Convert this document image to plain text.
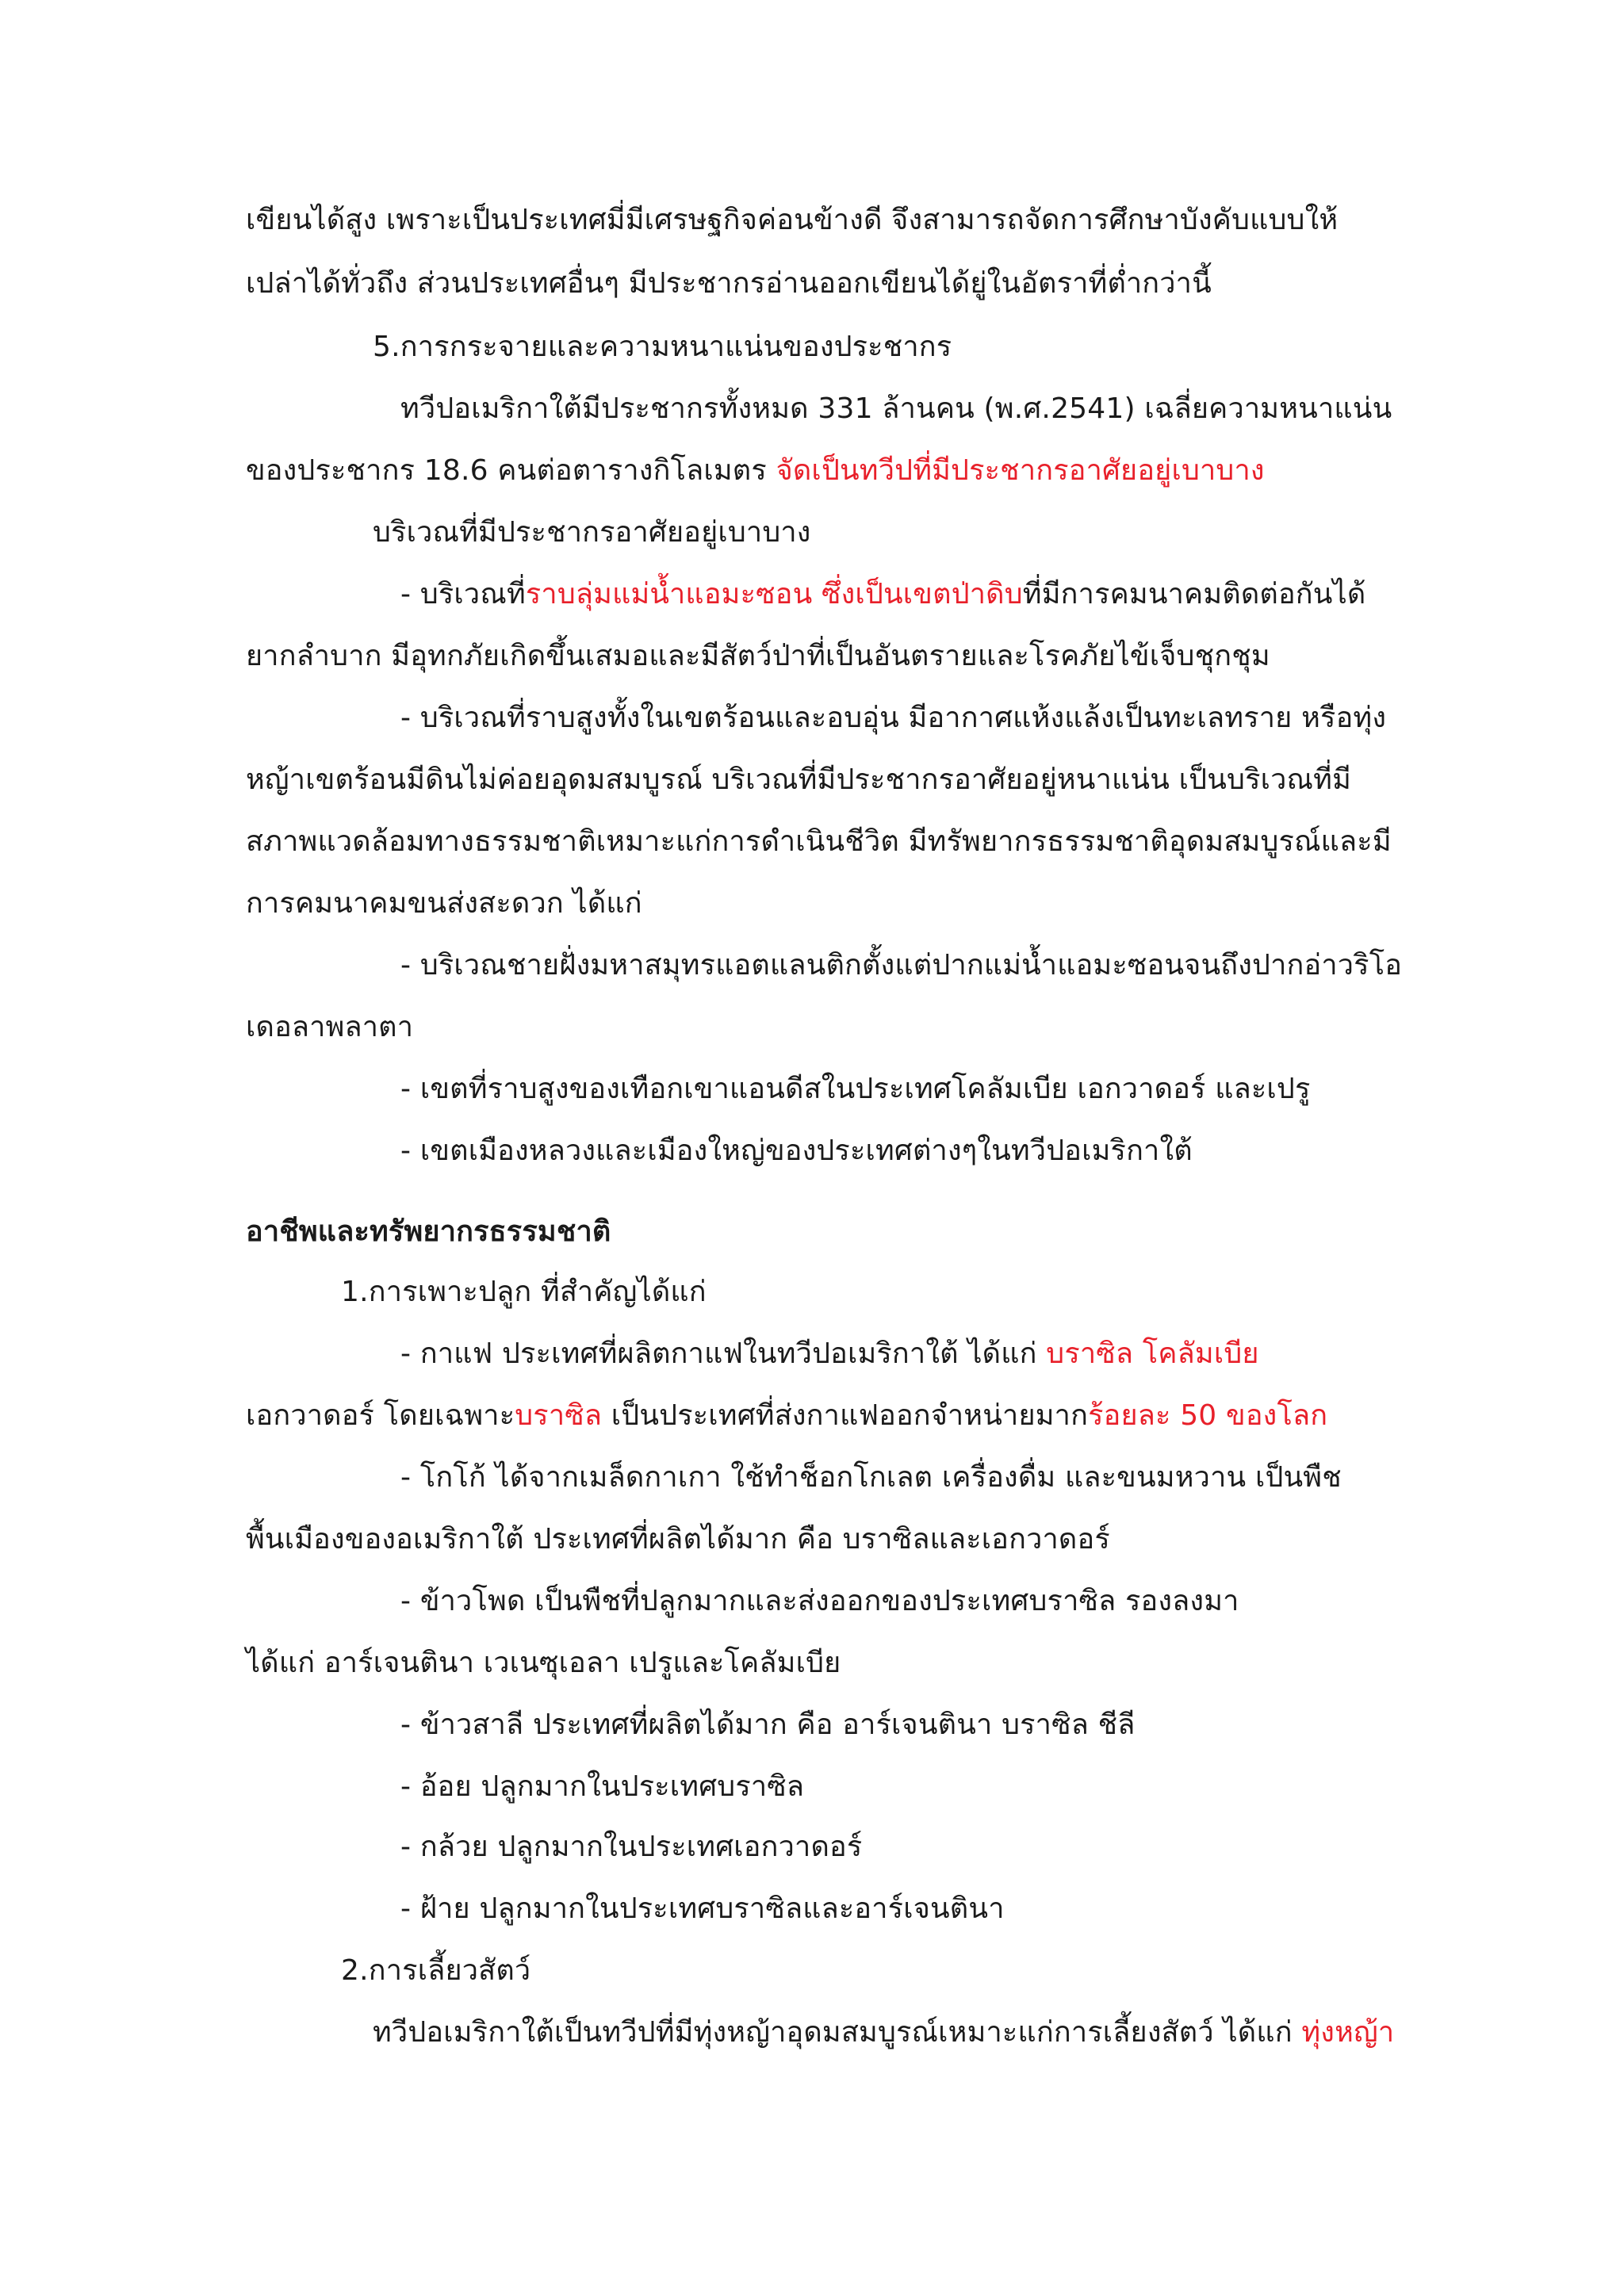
เขียนได้สูง เพราะเป็นประเทศมี่มีเศรษฐกิจค่อนข้างดี จึงสามารถจัดการศึกษาบังคับแบบให้
เปล่าได้ทั่วถึง ส่วนประเทศอื่นๆ มีประชากรอ่านออกเขียนได้ยู่ในอัตราที่ต่ำกว่านี้
5.การกระจายและความหนาแน่นของประชากร
ทวีปอเมริกาใต้มีประชากรทั้งหมด 331 ล้านคน (พ.ศ.2541) เฉลี่ยความหนาแน่น
ของประชากร 18.6 คนต่อตารางกิโลเมตร จัดเป็นทวีปที่มีประชากรอาศัยอยู่เบาบาง
บริเวณที่มีประชากรอาศัยอยู่เบาบาง
- บริเวณที่ราบลุ่มแม่น้ำแอมะซอน ซึ่งเป็นเขตป่าดิบที่มีการคมนาคมติดต่อกันได้
ยากลำบาก มีอุทกภัยเกิดขึ้นเสมอและมีสัตว์ป่าที่เป็นอันตรายและโรคภัยไข้เจ็บชุกชุม
- บริเวณที่ราบสูงทั้งในเขตร้อนและอบอุ่น มีอากาศแห้งแล้งเป็นทะเลทราย หรือทุ่ง
หญ้าเขตร้อนมีดินไม่ค่อยอุดมสมบูรณ์ บริเวณที่มีประชากรอาศัยอยู่หนาแน่น เป็นบริเวณที่มี
สภาพแวดล้อมทางธรรมชาติเหมาะแก่การดำเนินชีวิต มีทรัพยากรธรรมชาติอุดมสมบูรณ์และมี
การคมนาคมขนส่งสะดวก ได้แก่
- บริเวณชายฝั่งมหาสมุทรแอตแลนติกตั้งแต่ปากแม่น้ำแอมะซอนจนถึงปากอ่าวริโอ
เดอลาพลาตา
- เขตที่ราบสูงของเทือกเขาแอนดีสในประเทศโคลัมเบีย เอกวาดอร์ และเปรู
- เขตเมืองหลวงและเมืองใหญ่ของประเทศต่างๆในทวีปอเมริกาใต้
อาชีพและทรัพยากรธรรมชาติ
1.การเพาะปลูก ที่สำคัญได้แก่
- กาแฟ ประเทศที่ผลิตกาแฟในทวีปอเมริกาใต้ ได้แก่ บราซิล โคลัมเบีย
เอกวาดอร์ โดยเฉพาะบราซิล เป็นประเทศที่ส่งกาแฟออกจำหน่ายมากร้อยละ 50 ของโลก
- โกโก้ ได้จากเมล็ดกาเกา ใช้ทำช็อกโกเลต เครื่องดื่ม และขนมหวาน เป็นพืช
พื้นเมืองของอเมริกาใต้ ประเทศที่ผลิตได้มาก คือ บราซิลและเอกวาดอร์
- ข้าวโพด เป็นพืชที่ปลูกมากและส่งออกของประเทศบราซิล รองลงมา
ได้แก่ อาร์เจนตินา เวเนซุเอลา เปรูและโคลัมเบีย
- ข้าวสาลี ประเทศที่ผลิตได้มาก คือ อาร์เจนตินา บราซิล ชีลี
- อ้อย ปลูกมากในประเทศบราซิล
- กล้วย ปลูกมากในประเทศเอกวาดอร์
- ฝ้าย ปลูกมากในประเทศบราซิลและอาร์เจนตินา
2.การเลี้ยวสัตว์
ทวีปอเมริกาใต้เป็นทวีปที่มีทุ่งหญ้าอุดมสมบูรณ์เหมาะแก่การเลี้ยงสัตว์ ได้แก่ ทุ่งหญ้า
